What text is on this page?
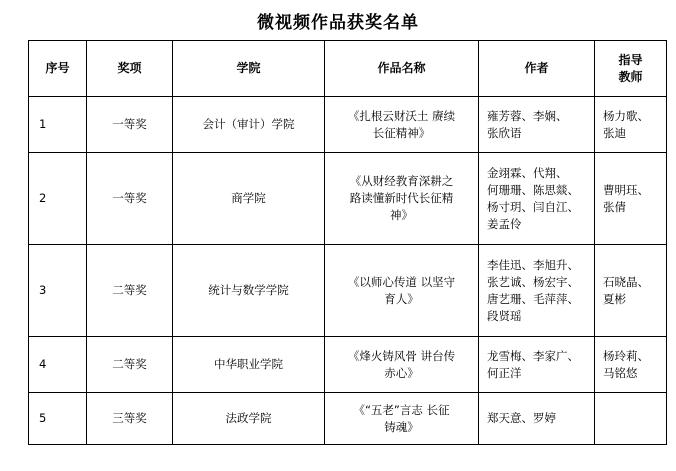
微视频作品获奖名单
序号	奖项	学院	作品名称	作者	指导
教师

1	一等奖	会计（审计）学院	《扎根云财沃土 赓续
长征精神》	雍芳蓉、李娴、
张欣语	杨力歌、
张迪

2	一等奖	商学院	《从财经教育深耕之
路读懂新时代长征精
神》	金翊霖、代翔、
何珊珊、陈思燚、
杨寸玥、闫自江、
姜孟伶	曹明珏、
张倩

3	二等奖	统计与数学学院	《以师心传道 以坚守
育人》	李佳迅、李旭升、
张艺诚、杨宏宇、
唐艺珊、毛萍萍、
段贤瑶	石晓晶、
夏彬

4	二等奖	中华职业学院	《烽火铸风骨 讲台传
赤心》	龙雪梅、李家广、
何正洋	杨玲莉、
马铭悠

5	三等奖	法政学院	《“五老”言志 长征
铸魂》	郑天意、罗婷	
